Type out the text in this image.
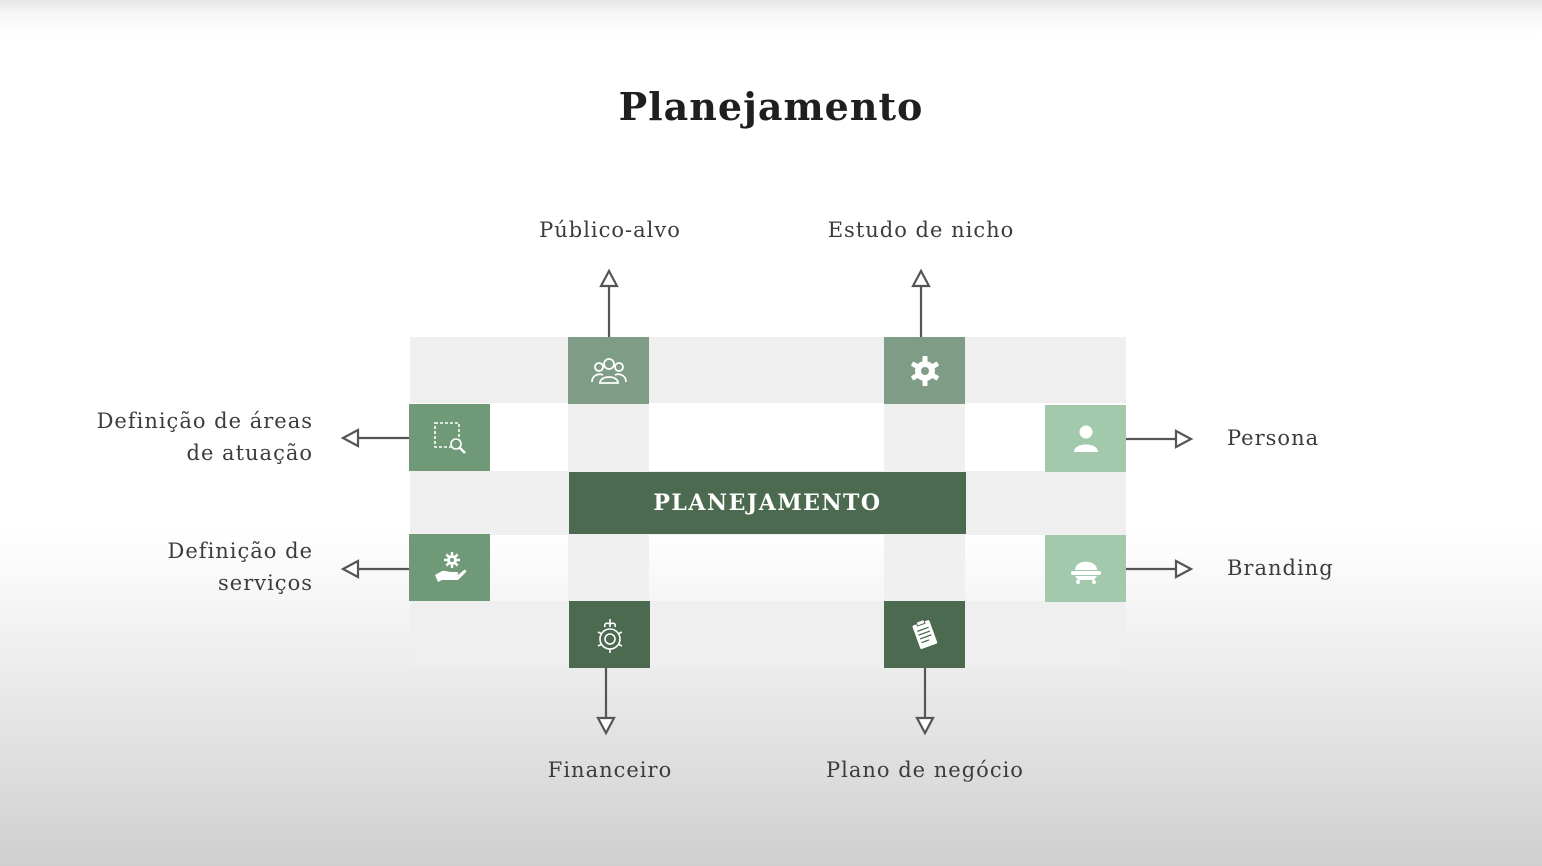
Planejamento
PLANEJAMENTO
Público-alvo	Estudo de nicho
Definição de áreas
de atuação
Definição de
serviços
Persona
Branding
Financeiro	Plano de negócio
